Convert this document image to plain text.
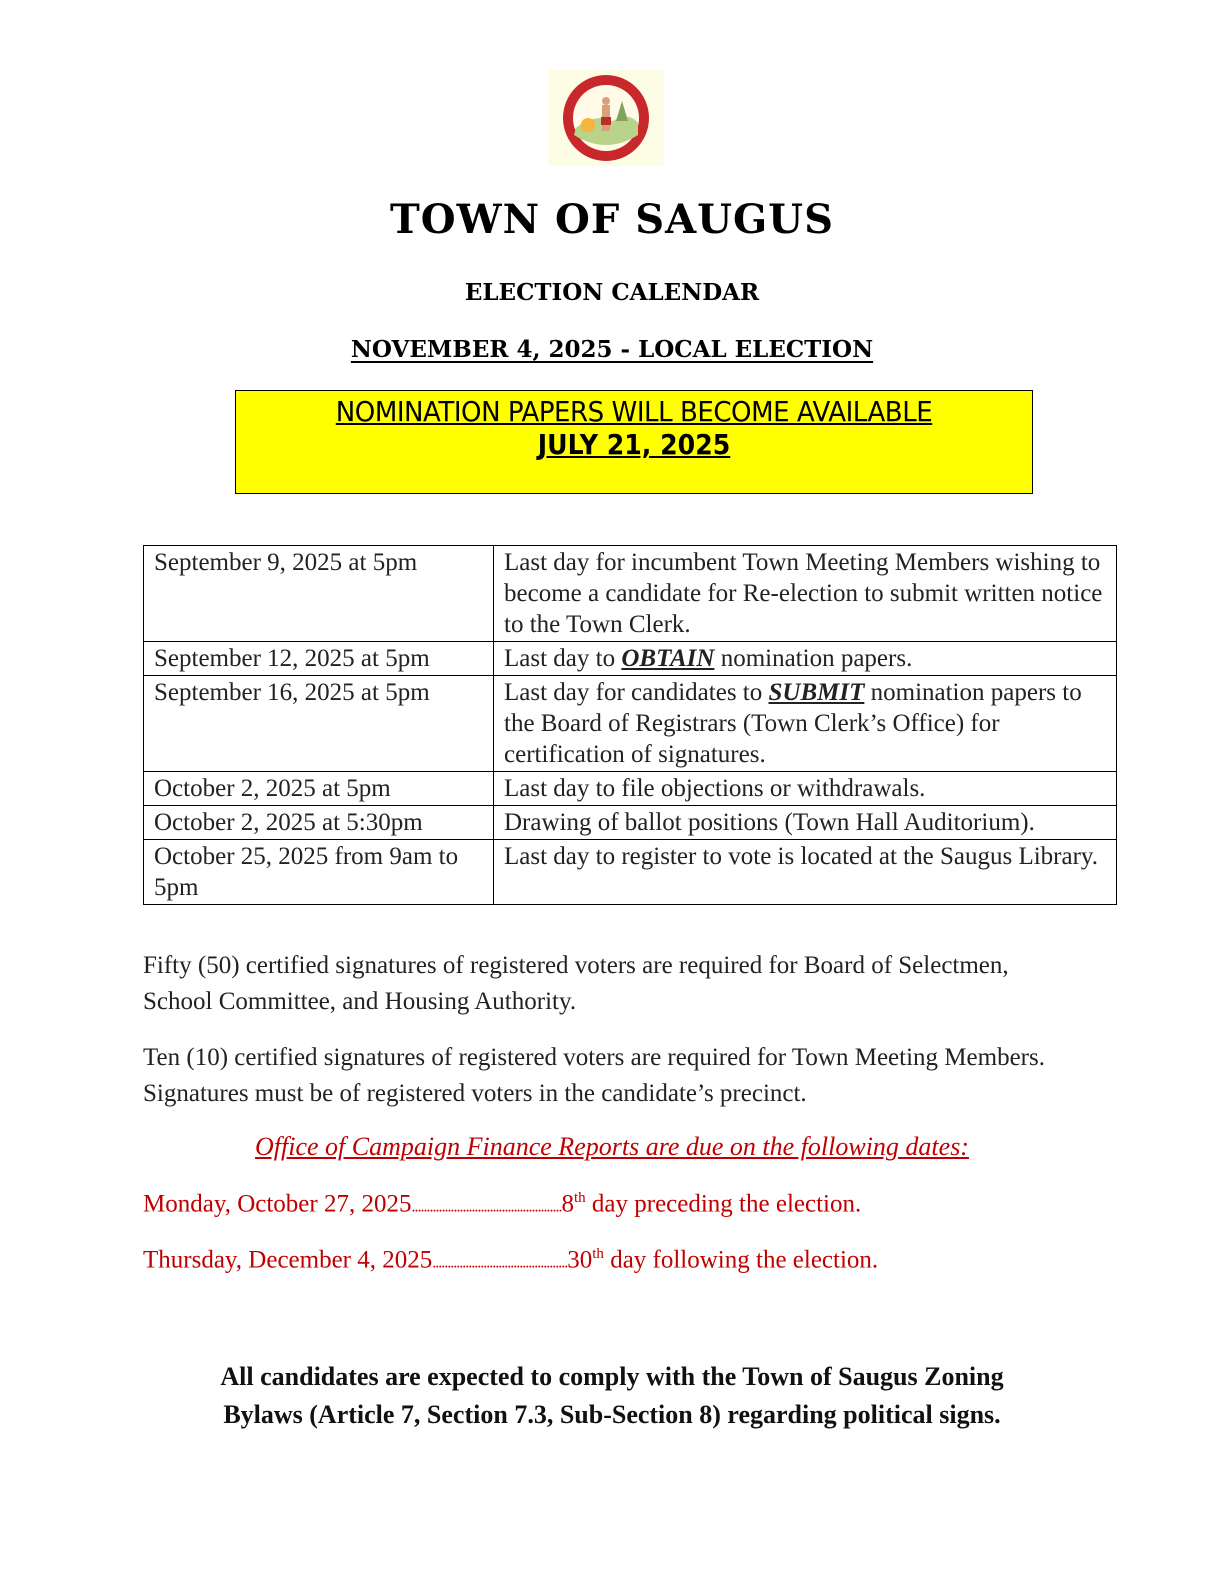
TOWN OF SAUGUS
ELECTION CALENDAR
NOVEMBER 4, 2025 - LOCAL ELECTION
NOMINATION PAPERS WILL BECOME AVAILABLE
JULY 21, 2025
September 9, 2025 at 5pm	Last day for incumbent Town Meeting Members wishing to become a candidate for Re-election to submit written notice to the Town Clerk.
September 12, 2025 at 5pm	Last day to OBTAIN nomination papers.
September 16, 2025 at 5pm	Last day for candidates to SUBMIT nomination papers to the Board of Registrars (Town Clerk’s Office) for certification of signatures.
October 2, 2025 at 5pm	Last day to file objections or withdrawals.
October 2, 2025 at 5:30pm	Drawing of ballot positions (Town Hall Auditorium).
October 25, 2025 from 9am to 5pm	Last day to register to vote is located at the Saugus Library.
Fifty (50) certified signatures of registered voters are required for Board of Selectmen, School Committee, and Housing Authority.
Ten (10) certified signatures of registered voters are required for Town Meeting Members. Signatures must be of registered voters in the candidate’s precinct.
Office of Campaign Finance Reports are due on the following dates:
Monday, October 27, 2025..................................................8th day preceding the election.
Thursday, December 4, 2025.............................................30th day following the election.
All candidates are expected to comply with the Town of Saugus Zoning
Bylaws (Article 7, Section 7.3, Sub-Section 8) regarding political signs.
